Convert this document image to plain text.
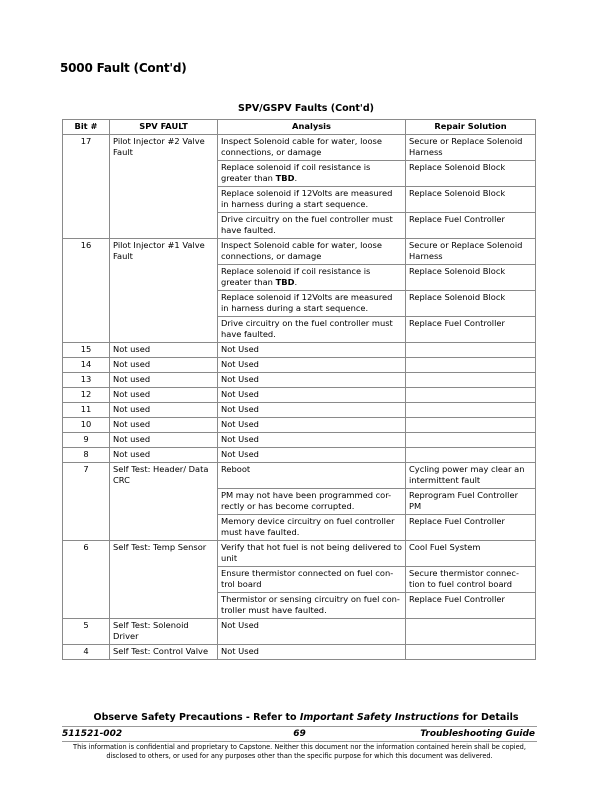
5000 Fault (Cont'd)
SPV/GSPV Faults (Cont'd)
Bit #	SPV FAULT	Analysis	Repair Solution
17	Pilot Injector #2 Valve Fault	Inspect Solenoid cable for water, loose connections, or damage	Secure or Replace Solenoid Harness
		Replace solenoid if coil resistance is greater than TBD.	Replace Solenoid Block
		Replace solenoid if 12Volts are measured in harness during a start sequence.	Replace Solenoid Block
		Drive circuitry on the fuel controller must have faulted.	Replace Fuel Controller
16	Pilot Injector #1 Valve Fault	Inspect Solenoid cable for water, loose connections, or damage	Secure or Replace Solenoid Harness
		Replace solenoid if coil resistance is greater than TBD.	Replace Solenoid Block
		Replace solenoid if 12Volts are measured in harness during a start sequence.	Replace Solenoid Block
		Drive circuitry on the fuel controller must have faulted.	Replace Fuel Controller
15	Not used	Not Used	
14	Not used	Not Used	
13	Not used	Not Used	
12	Not used	Not Used	
11	Not used	Not Used	
10	Not used	Not Used	
9	Not used	Not Used	
8	Not used	Not Used	
7	Self Test: Header/ Data CRC	Reboot	Cycling power may clear an intermittent fault
		PM may not have been programmed cor-rectly or has become corrupted.	Reprogram Fuel Controller PM
		Memory device circuitry on fuel controller must have faulted.	Replace Fuel Controller
6	Self Test: Temp Sensor	Verify that hot fuel is not being delivered to unit	Cool Fuel System
		Ensure thermistor connected on fuel con-trol board	Secure thermistor connec-tion to fuel control board
		Thermistor or sensing circuitry on fuel con-troller must have faulted.	Replace Fuel Controller
5	Self Test: Solenoid Driver	Not Used	
4	Self Test: Control Valve	Not Used	
Observe Safety Precautions - Refer to Important Safety Instructions for Details
511521-002	69	Troubleshooting Guide
This information is confidential and proprietary to Capstone. Neither this document nor the information contained herein shall be copied, disclosed to others, or used for any purposes other than the specific purpose for which this document was delivered.
